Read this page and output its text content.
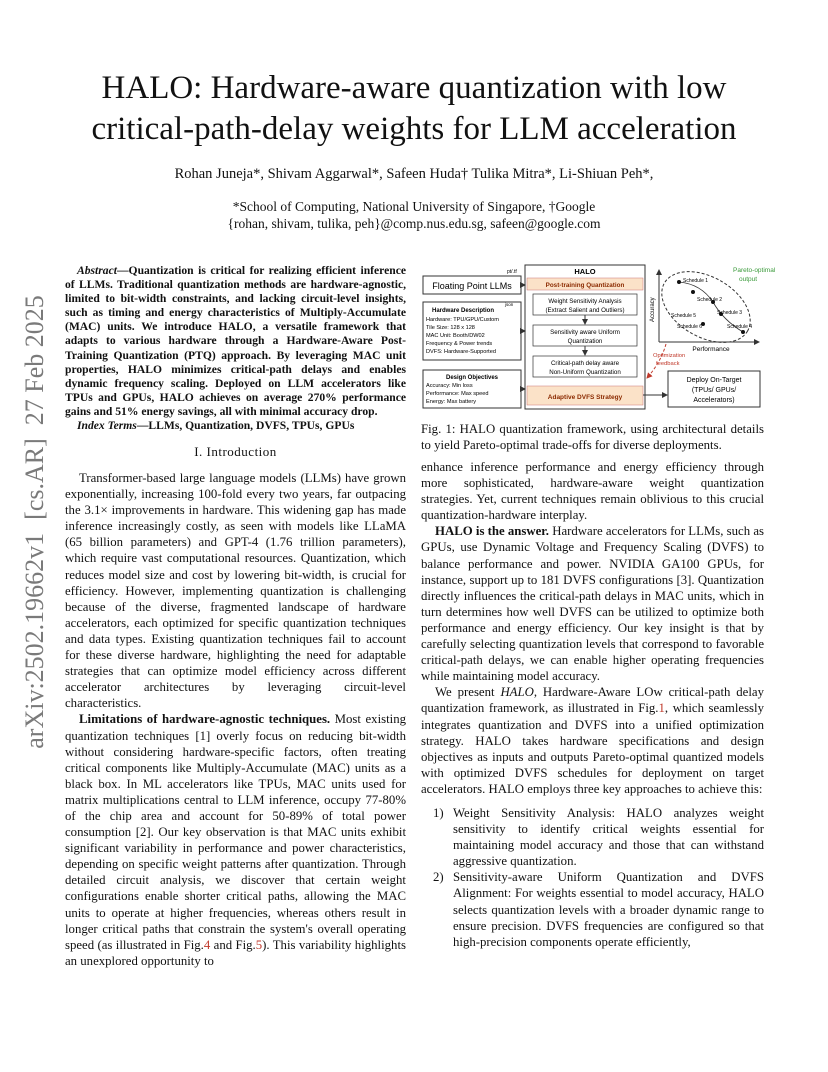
arXiv:2502.19662v1  [cs.AR]  27 Feb 2025
HALO: Hardware-aware quantization with low
critical-path-delay weights for LLM acceleration
Rohan Juneja*, Shivam Aggarwal*, Safeen Huda† Tulika Mitra*, Li-Shiuan Peh*,
*School of Computing, National University of Singapore, †Google
{rohan, shivam, tulika, peh}@comp.nus.edu.sg, safeen@google.com

Abstract—Quantization is critical for realizing efficient inference of LLMs. Traditional quantization methods are hardware-agnostic, limited to bit-width constraints, and lacking circuit-level insights, such as timing and energy characteristics of Multiply-Accumulate (MAC) units. We introduce HALO, a versatile framework that adapts to various hardware through a Hardware-Aware Post-Training Quantization (PTQ) approach. By leveraging MAC unit properties, HALO minimizes critical-path delays and enables dynamic frequency scaling. Deployed on LLM accelerators like TPUs and GPUs, HALO achieves on average 270% performance gains and 51% energy savings, all with minimal accuracy drop.

Index Terms—LLMs, Quantization, DVFS, TPUs, GPUs

I. Introduction

Transformer-based large language models (LLMs) have grown exponentially, increasing 100-fold every two years, far outpacing the 3.1× improvements in hardware. This widening gap has made inference increasingly costly, as seen with models like LLaMA (65 billion parameters) and GPT-4 (1.76 trillion parameters), which require vast computational resources. Quantization, which reduces model size and cost by lowering bit-width, is crucial for efficiency. However, implementing quantization is challenging because of the diverse, fragmented landscape of hardware accelerators, each optimized for specific quantization techniques and data types. Existing quantization techniques fail to account for these diverse hardware, highlighting the need for adaptable strategies that can optimize model efficiency across different accelerator architectures by leveraging circuit-level characteristics.

Limitations of hardware-agnostic techniques. Most existing quantization techniques [1] overly focus on reducing bit-width without considering hardware-specific factors, often treating critical components like Multiply-Accumulate (MAC) units as a black box. In ML accelerators like TPUs, MAC units used for matrix multiplications central to LLM inference, occupy 77-80% of the chip area and account for 50-89% of total power consumption [2]. Our key observation is that MAC units exhibit significant variability in performance and power characteristics, depending on specific weight patterns after quantization. Through detailed circuit analysis, we discover that certain weight configurations enable shorter critical paths, allowing the MAC units to operate at higher frequencies, whereas others result in longer critical paths that constrain the system's overall operating speed (as illustrated in Fig.4 and Fig.5). This variability highlights an unexplored opportunity to

Floating Point LLMs
pt/.tf
Hardware Description
json
Hardware: TPU/GPU/Custom
Tile Size: 128 x 128
MAC Unit: Booth/DW02
Frequency & Power trends
DVFS: Hardware-Supported
Design Objectives
Accuracy: Min loss
Performance: Max speed
Energy: Max battery
HALO
Post-training Quantization
Weight Sensitivity Analysis
(Extract Salient and Outliers)
Sensitivity aware Uniform
Quantization
Critical-path delay aware
Non-Uniform Quantization
Adaptive DVFS Strategy
Accuracy
Performance
Schedule 1
Schedule 2
Schedule 3
Schedule 4
Schedule 5
Schedule 6
Pareto-optimal
output
Optimization
feedback
Deploy On-Target
(TPUs/ GPUs/
Accelerators)
Fig. 1: HALO quantization framework, using architectural details to yield Pareto-optimal trade-offs for diverse deployments.

enhance inference performance and energy efficiency through more sophisticated, hardware-aware weight quantization strategies. Yet, current techniques remain oblivious to this crucial quantization-hardware interplay.

HALO is the answer. Hardware accelerators for LLMs, such as GPUs, use Dynamic Voltage and Frequency Scaling (DVFS) to balance performance and power. NVIDIA GA100 GPUs, for instance, support up to 181 DVFS configurations [3]. Quantization directly influences the critical-path delays in MAC units, which in turn determines how well DVFS can be utilized to optimize both performance and energy efficiency. Our key insight is that by carefully selecting quantization levels that correspond to favorable critical-path delays, we can enable higher operating frequencies while maintaining model accuracy.

We present HALO, Hardware-Aware LOw critical-path delay quantization framework, as illustrated in Fig.1, which seamlessly integrates quantization and DVFS into a unified optimization strategy. HALO takes hardware specifications and design objectives as inputs and outputs Pareto-optimal quantized models with optimized DVFS schedules for deployment on target accelerators. HALO employs three key approaches to achieve this:

1) Weight Sensitivity Analysis: HALO analyzes weight sensitivity to identify critical weights essential for maintaining model accuracy and those that can withstand aggressive quantization.
2) Sensitivity-aware Uniform Quantization and DVFS Alignment: For weights essential to model accuracy, HALO selects quantization levels with a broader dynamic range to ensure precision. DVFS frequencies are configured so that high-precision components operate efficiently,
